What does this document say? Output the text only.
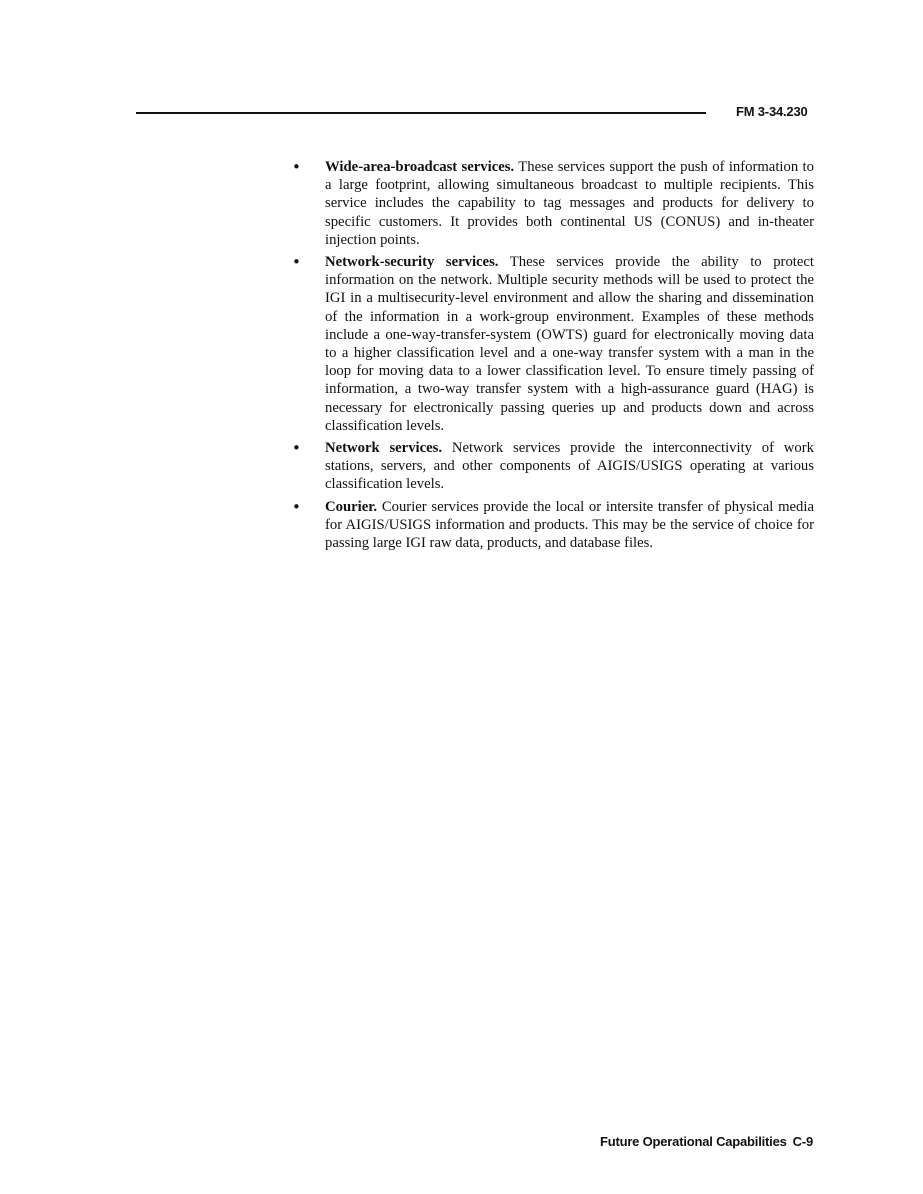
FM 3-34.230
•	Wide-area-broadcast services. These services support the push of information to a large footprint, allowing simultaneous broadcast to multiple recipients. This service includes the capability to tag messages and products for delivery to specific customers. It provides both continental US (CONUS) and in-theater injection points.
•	Network-security services. These services provide the ability to protect information on the network. Multiple security methods will be used to protect the IGI in a multisecurity-level environment and allow the sharing and dissemination of the information in a work-group environment. Examples of these methods include a one-way-transfer-system (OWTS) guard for electronically moving data to a higher classification level and a one-way transfer system with a man in the loop for moving data to a lower classification level. To ensure timely passing of information, a two-way transfer system with a high-assurance guard (HAG) is necessary for electronically passing queries up and products down and across classification levels.
•	Network services. Network services provide the interconnectivity of work stations, servers, and other components of AIGIS/USIGS operating at various classification levels.
•	Courier. Courier services provide the local or intersite transfer of physical media for AIGIS/USIGS information and products. This may be the service of choice for passing large IGI raw data, products, and database files.
Future Operational Capabilities C-9
